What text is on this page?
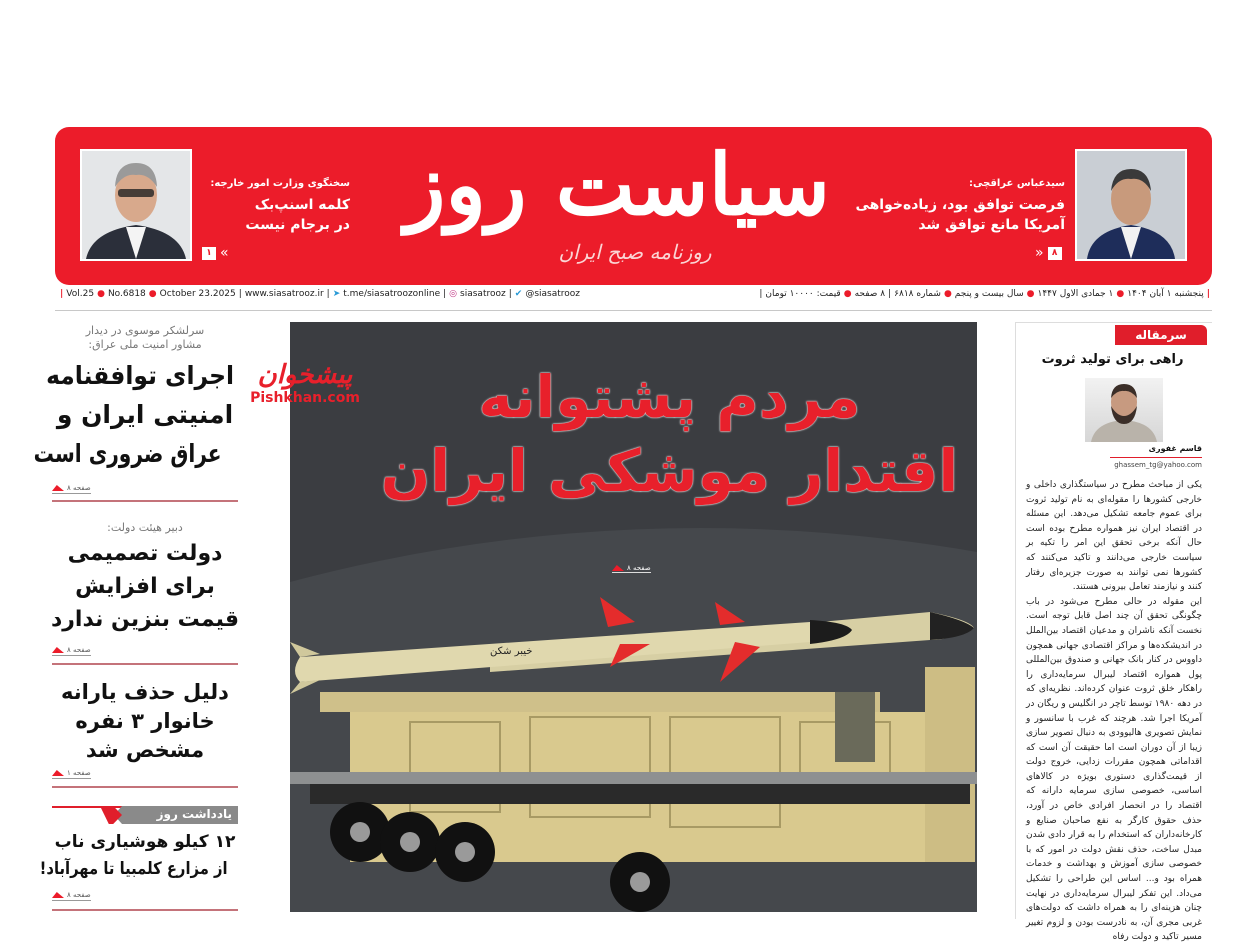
سیدعباس عراقچی:
فرصت توافق بود، زیاده‌خواهی
آمریکا مانع توافق شد
» ۸
سخنگوی وزارت امور خارجه:
کلمه اسنپ‌بک
در برجام نیست
۱ «
سیاست روز
روزنامه صبح ایران
| Vol.25 ● No.6818 ● October 23.2025 | www.siasatrooz.ir | ➤ t.me/siasatroozonline | ◎ siasatrooz | ✔ @siasatrooz	|
پنجشنبه ۱ آبان ۱۴۰۴
●
۱ جمادی الاول ۱۴۴۷
●
سال بیست و پنجم
●
شماره ۶۸۱۸
|
۸ صفحه
●
قیمت: ۱۰۰۰۰ تومان
|
سرلشکر موسوی در دیدار
مشاور امنیت ملی عراق:
اجرای توافقنامه
امنیتی ایران و
عراق ضروری است
صفحه ۸
دبیر هیئت دولت:
دولت تصمیمی
برای افزایش
قیمت بنزین ندارد
صفحه ۸
دلیل حذف یارانه
خانوار ۳ نفره
مشخص شد
صفحه ۱
یادداشت روز
۱۲ کیلو هوشیاری ناب
از مزارع کلمبیا تا مهرآباد!
صفحه ۸
خیبر شکن
مردم پشتوانه
اقتدار موشکی ایران
صفحه ۸
پیشخوان
Pishkhan.com
سرمقاله
راهی برای تولید ثروت
قاسم غفوری
ghassem_tg@yahoo.com

یکی از مباحث مطرح در سیاستگذاری داخلی و خارجی کشورها را مقوله‌ای به نام تولید ثروت برای عموم جامعه تشکیل می‌دهد. این مسئله در اقتصاد ایران نیز همواره مطرح بوده است حال آنکه برخی تحقق این امر را تکیه بر سیاست خارجی می‌دانند و تاکید می‌کنند که کشورها نمی توانند به صورت جزیره‌ای رفتار کنند و نیازمند تعامل بیرونی هستند.

این مقوله در حالی مطرح می‌شود در باب چگونگی تحقق آن چند اصل قابل توجه است. نخست آنکه ناشران و مدعیان اقتصاد بین‌الملل در اندیشکده‌ها و مراکز اقتصادی جهانی همچون داووس در کنار بانک جهانی و صندوق بین‌المللی پول همواره اقتصاد لیبرال سرمایه‌داری را راهکار خلق ثروت عنوان کرده‌اند. نظریه‌ای که در دهه ۱۹۸۰ توسط تاچر در انگلیس و ریگان در آمریکا اجرا شد. هرچند که غرب با سانسور و نمایش تصویری هالیوودی به دنبال تصویر سازی زیبا از آن دوران است اما حقیقت آن است که اقداماتی همچون مقررات زدایی، خروج دولت از قیمت‌گذاری دستوری بویژه در کالاهای اساسی، خصوصی سازی سرمایه دارانه که اقتصاد را در انحصار افرادی خاص در آورد، حذف حقوق کارگر به نفع صاحبان صنایع و کارخانه‌داران که استخدام را به قرار دادی شدن مبدل ساخت، حذف نقش دولت در امور که با خصوصی سازی آموزش و بهداشت و خدمات همراه بود و... اساس این طراحی را تشکیل می‌داد. این تفکر لیبرال سرمایه‌داری در نهایت چنان هزینه‌ای را به همراه داشت که دولت‌های غربی مجری آن، به نادرست بودن و لزوم تغییر مسیر تاکید و دولت رفاه
